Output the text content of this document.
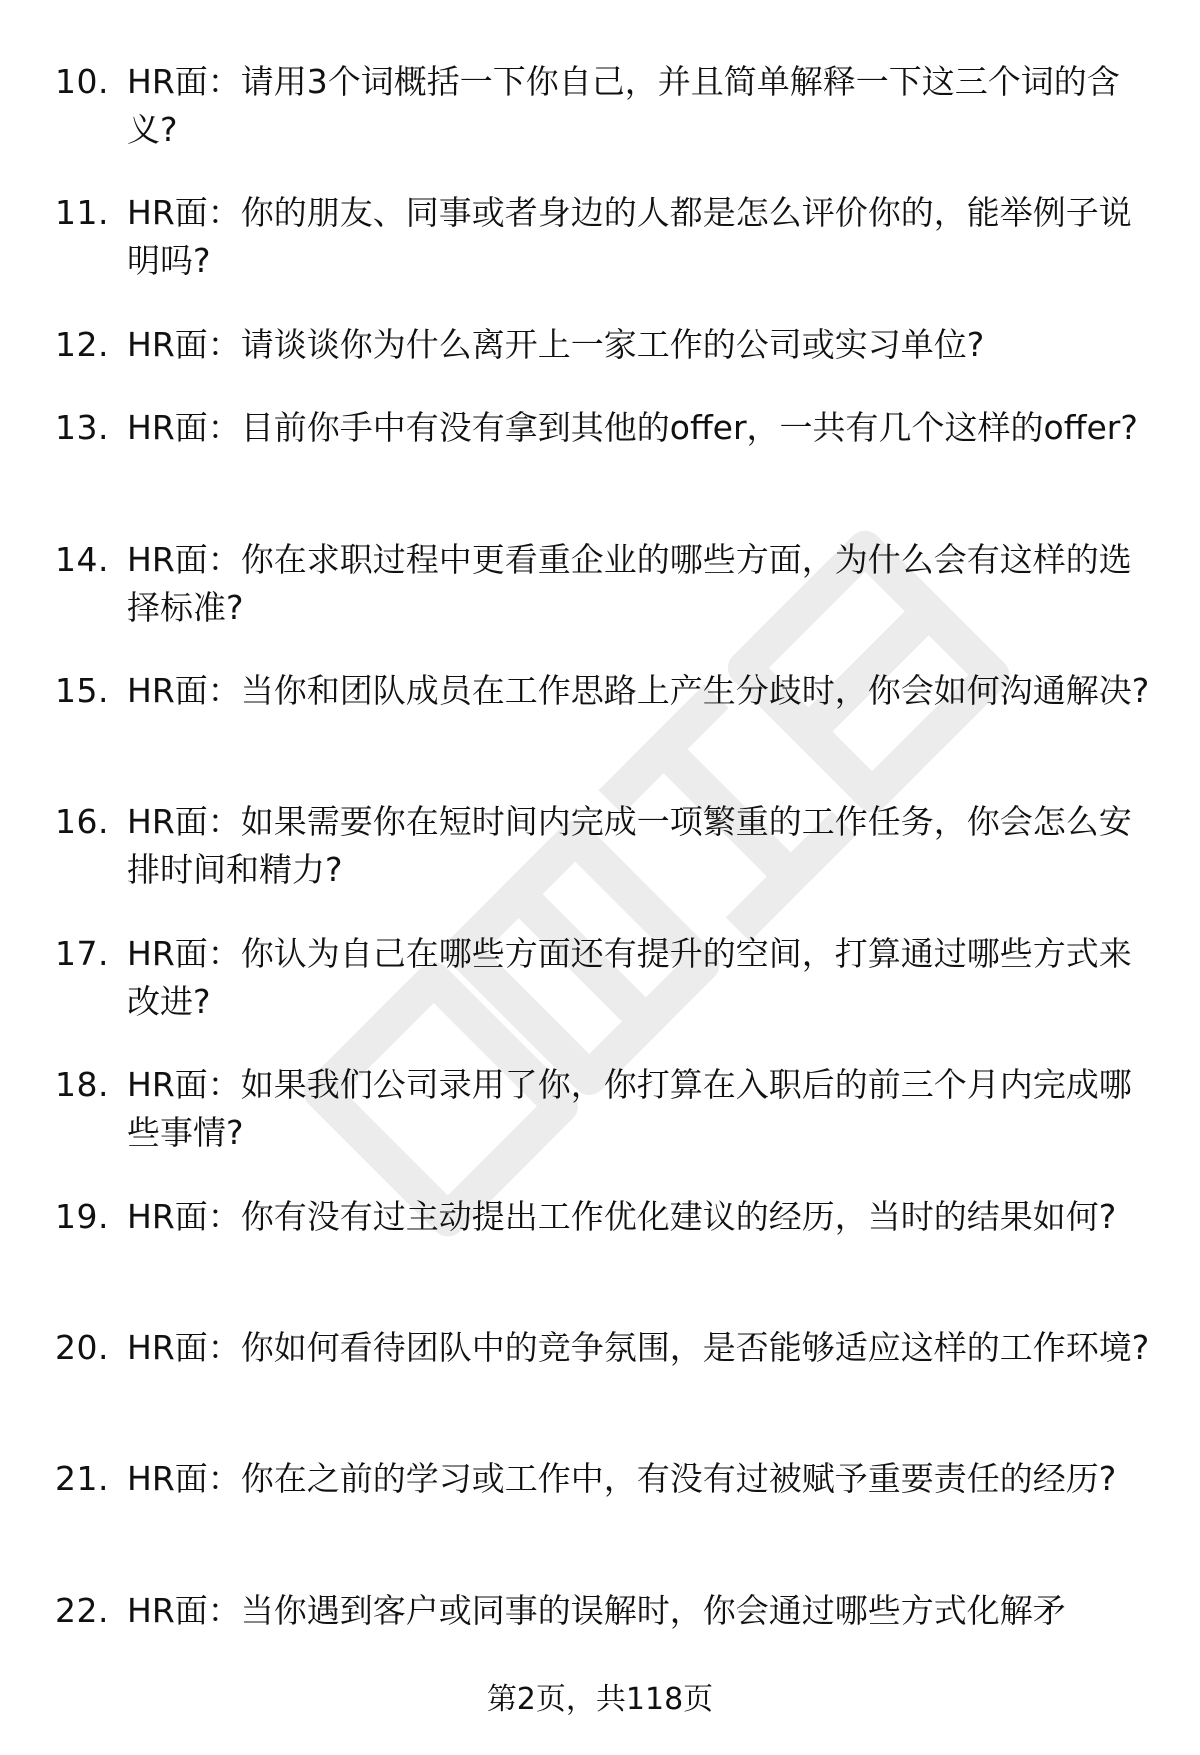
10. HR面：请用3个词概括一下你自己，并且简单解释一下这三个词的含义?
11. HR面：你的朋友、同事或者身边的人都是怎么评价你的，能举例子说明吗?
12. HR面：请谈谈你为什么离开上一家工作的公司或实习单位?
13. HR面：目前你手中有没有拿到其他的offer，一共有几个这样的offer?
14. HR面：你在求职过程中更看重企业的哪些方面，为什么会有这样的选择标准?
15. HR面：当你和团队成员在工作思路上产生分歧时，你会如何沟通解决?
16. HR面：如果需要你在短时间内完成一项繁重的工作任务，你会怎么安排时间和精力?
17. HR面：你认为自己在哪些方面还有提升的空间，打算通过哪些方式来改进?
18. HR面：如果我们公司录用了你，你打算在入职后的前三个月内完成哪些事情?
19. HR面：你有没有过主动提出工作优化建议的经历，当时的结果如何?
20. HR面：你如何看待团队中的竞争氛围，是否能够适应这样的工作环境?
21. HR面：你在之前的学习或工作中，有没有过被赋予重要责任的经历?
22. HR面：当你遇到客户或同事的误解时，你会通过哪些方式化解矛
第2页，共118页
